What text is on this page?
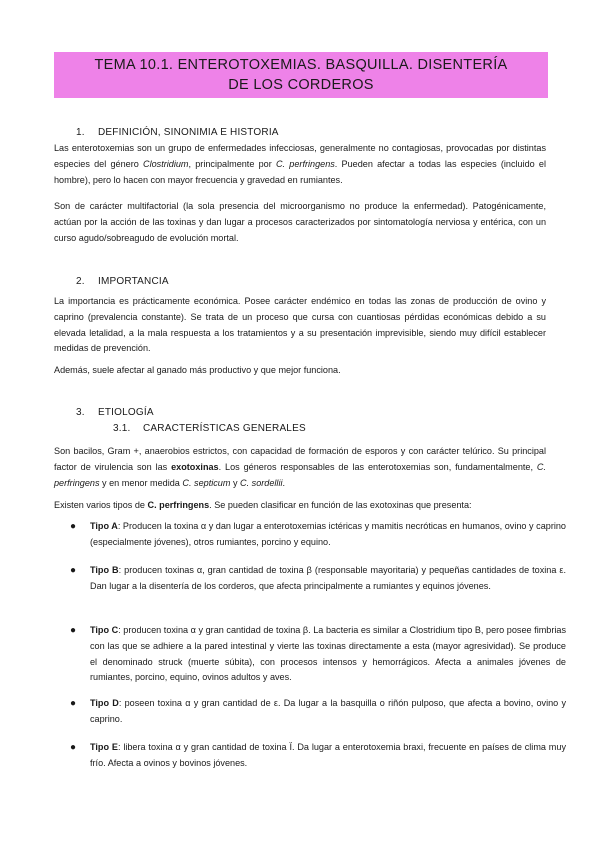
TEMA 10.1. ENTEROTOXEMIAS. BASQUILLA. DISENTERÍA
DE LOS CORDEROS
1. DEFINICIÓN, SINONIMIA E HISTORIA

Las enterotoxemias son un grupo de enfermedades infecciosas, generalmente no contagiosas, provocadas por distintas especies del género Clostridium, principalmente por C. perfringens. Pueden afectar a todas las especies (incluido el hombre), pero lo hacen con mayor frecuencia y gravedad en rumiantes.

Son de carácter multifactorial (la sola presencia del microorganismo no produce la enfermedad). Patogénicamente, actúan por la acción de las toxinas y dan lugar a procesos caracterizados por sintomatología nerviosa y entérica, con un curso agudo/sobreagudo de evolución mortal.

2. IMPORTANCIA

La importancia es prácticamente económica. Posee carácter endémico en todas las zonas de producción de ovino y caprino (prevalencia constante). Se trata de un proceso que cursa con cuantiosas pérdidas económicas debido a su elevada letalidad, a la mala respuesta a los tratamientos y a su presentación imprevisible, siendo muy difícil establecer medidas de prevención.

Además, suele afectar al ganado más productivo y que mejor funciona.

3. ETIOLOGÍA
3.1. CARACTERÍSTICAS GENERALES

Son bacilos, Gram +, anaerobios estrictos, con capacidad de formación de esporos y con carácter telúrico. Su principal factor de virulencia son las exotoxinas. Los géneros responsables de las enterotoxemias son, fundamentalmente, C. perfringens y en menor medida C. septicum y C. sordellii.

Existen varios tipos de C. perfringens. Se pueden clasificar en función de las exotoxinas que presenta:

● Tipo A: Producen la toxina α y dan lugar a enterotoxemias ictéricas y mamitis necróticas en humanos, ovino y caprino (especialmente jóvenes), otros rumiantes, porcino y equino.
● Tipo B: producen toxinas α, gran cantidad de toxina β (responsable mayoritaria) y pequeñas cantidades de toxina ε. Dan lugar a la disentería de los corderos, que afecta principalmente a rumiantes y equinos jóvenes.
● Tipo C: producen toxina α y gran cantidad de toxina β. La bacteria es similar a Clostridium tipo B, pero posee fimbrias con las que se adhiere a la pared intestinal y vierte las toxinas directamente a esta (mayor agresividad). Se produce el denominado struck (muerte súbita), con procesos intensos y hemorrágicos. Afecta a animales jóvenes de rumiantes, porcino, equino, ovinos adultos y aves.
● Tipo D: poseen toxina α y gran cantidad de ε. Da lugar a la basquilla o riñón pulposo, que afecta a bovino, ovino y caprino.
● Tipo E: libera toxina α y gran cantidad de toxina Ï. Da lugar a enterotoxemia braxi, frecuente en países de clima muy frío. Afecta a ovinos y bovinos jóvenes.
